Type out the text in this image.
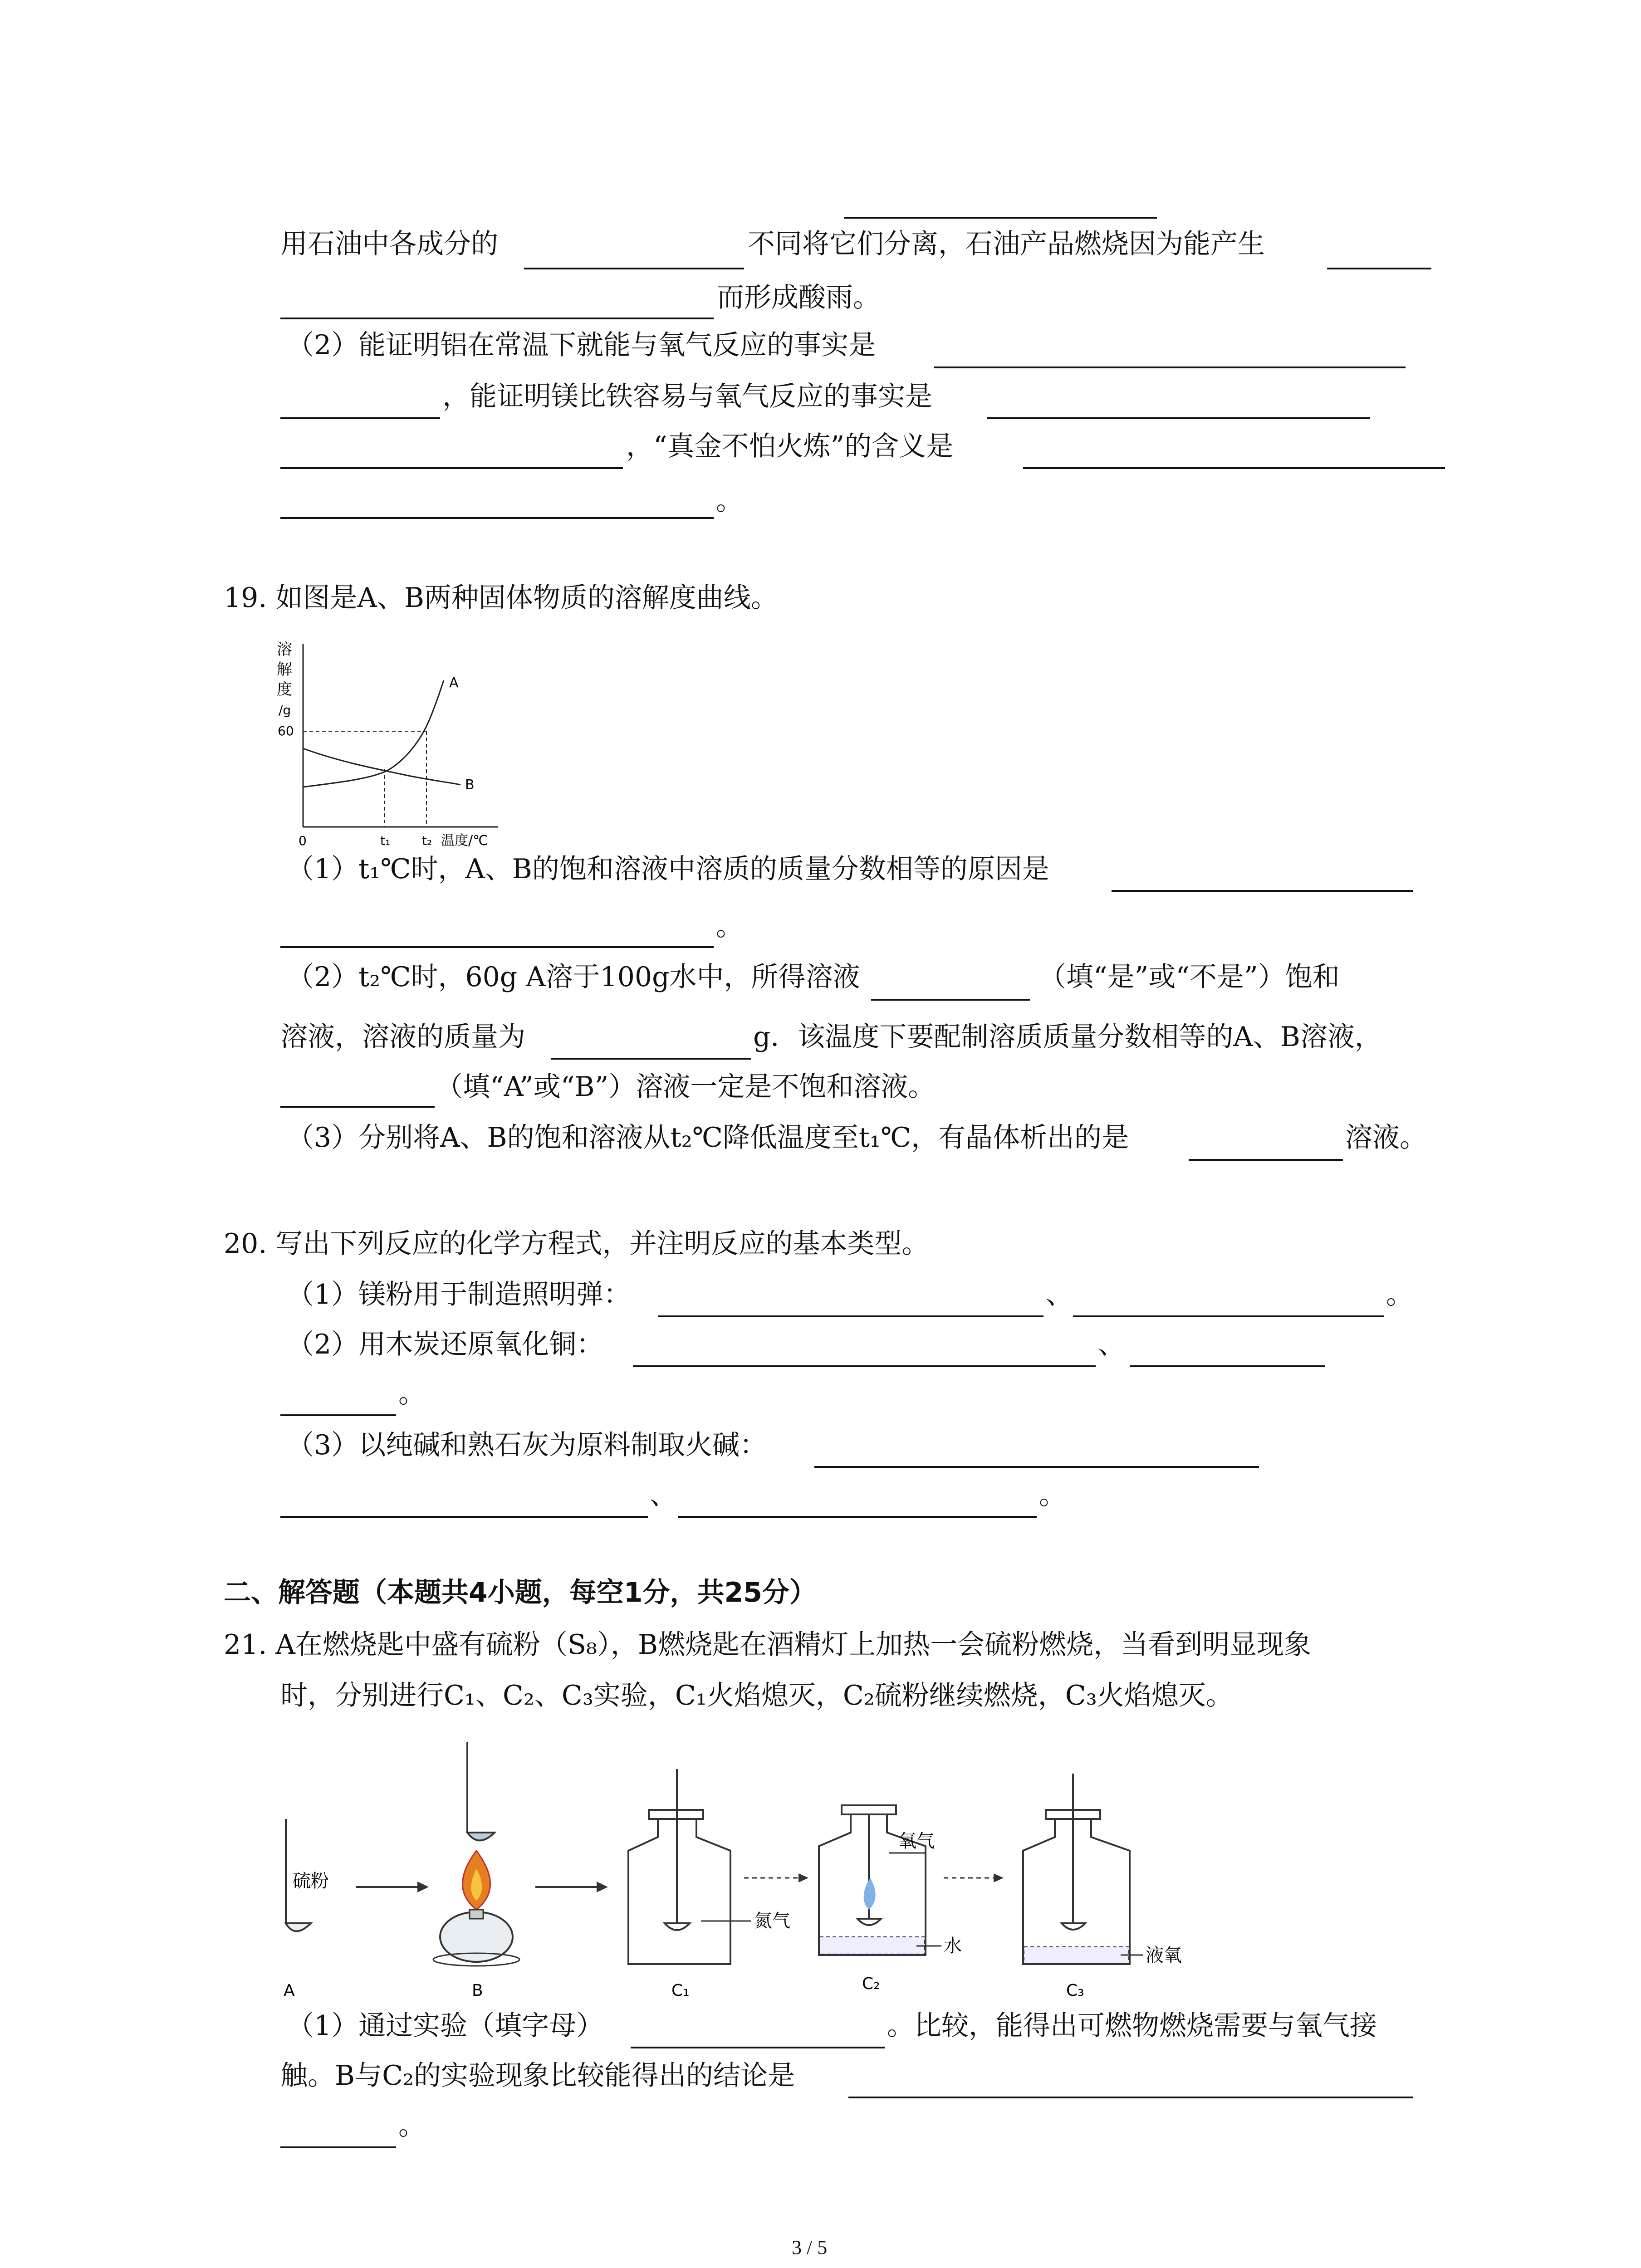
用石油中各成分的	不同将它们分离，石油产品燃烧因为能产生
而形成酸雨。
（2）能证明铝在常温下就能与氧气反应的事实是
，能证明镁比铁容易与氧气反应的事实是
，“真金不怕火炼”的含义是
。
19. 如图是A、B两种固体物质的溶解度曲线。
溶
解
度
/g
60
0	t₁ t₂ 温度/℃
A
B
（1）t₁℃时，A、B的饱和溶液中溶质的质量分数相等的原因是
。
（2）t₂℃时，60g A溶于100g水中，所得溶液	（填“是”或“不是”）饱和
溶液，溶液的质量为	g．该温度下要配制溶质质量分数相等的A、B溶液，
（填“A”或“B”）溶液一定是不饱和溶液。
（3）分别将A、B的饱和溶液从t₂℃降低温度至t₁℃，有晶体析出的是	溶液。
20. 写出下列反应的化学方程式，并注明反应的基本类型。
（1）镁粉用于制造照明弹：	、	。
（2）用木炭还原氧化铜：	、
。
（3）以纯碱和熟石灰为原料制取火碱：
、	。
二、解答题（本题共4小题，每空1分，共25分）
21. A在燃烧匙中盛有硫粉（S₈），B燃烧匙在酒精灯上加热一会硫粉燃烧，当看到明显现象
时，分别进行C₁、C₂、C₃实验，C₁火焰熄灭，C₂硫粉继续燃烧，C₃火焰熄灭。
硫粉
氮气
氧气
水	液氧
A	B	C₁	C₂	C₃
（1）通过实验（填字母）	。比较，能得出可燃物燃烧需要与氧气接
触。B与C₂的实验现象比较能得出的结论是
。
3 / 5
